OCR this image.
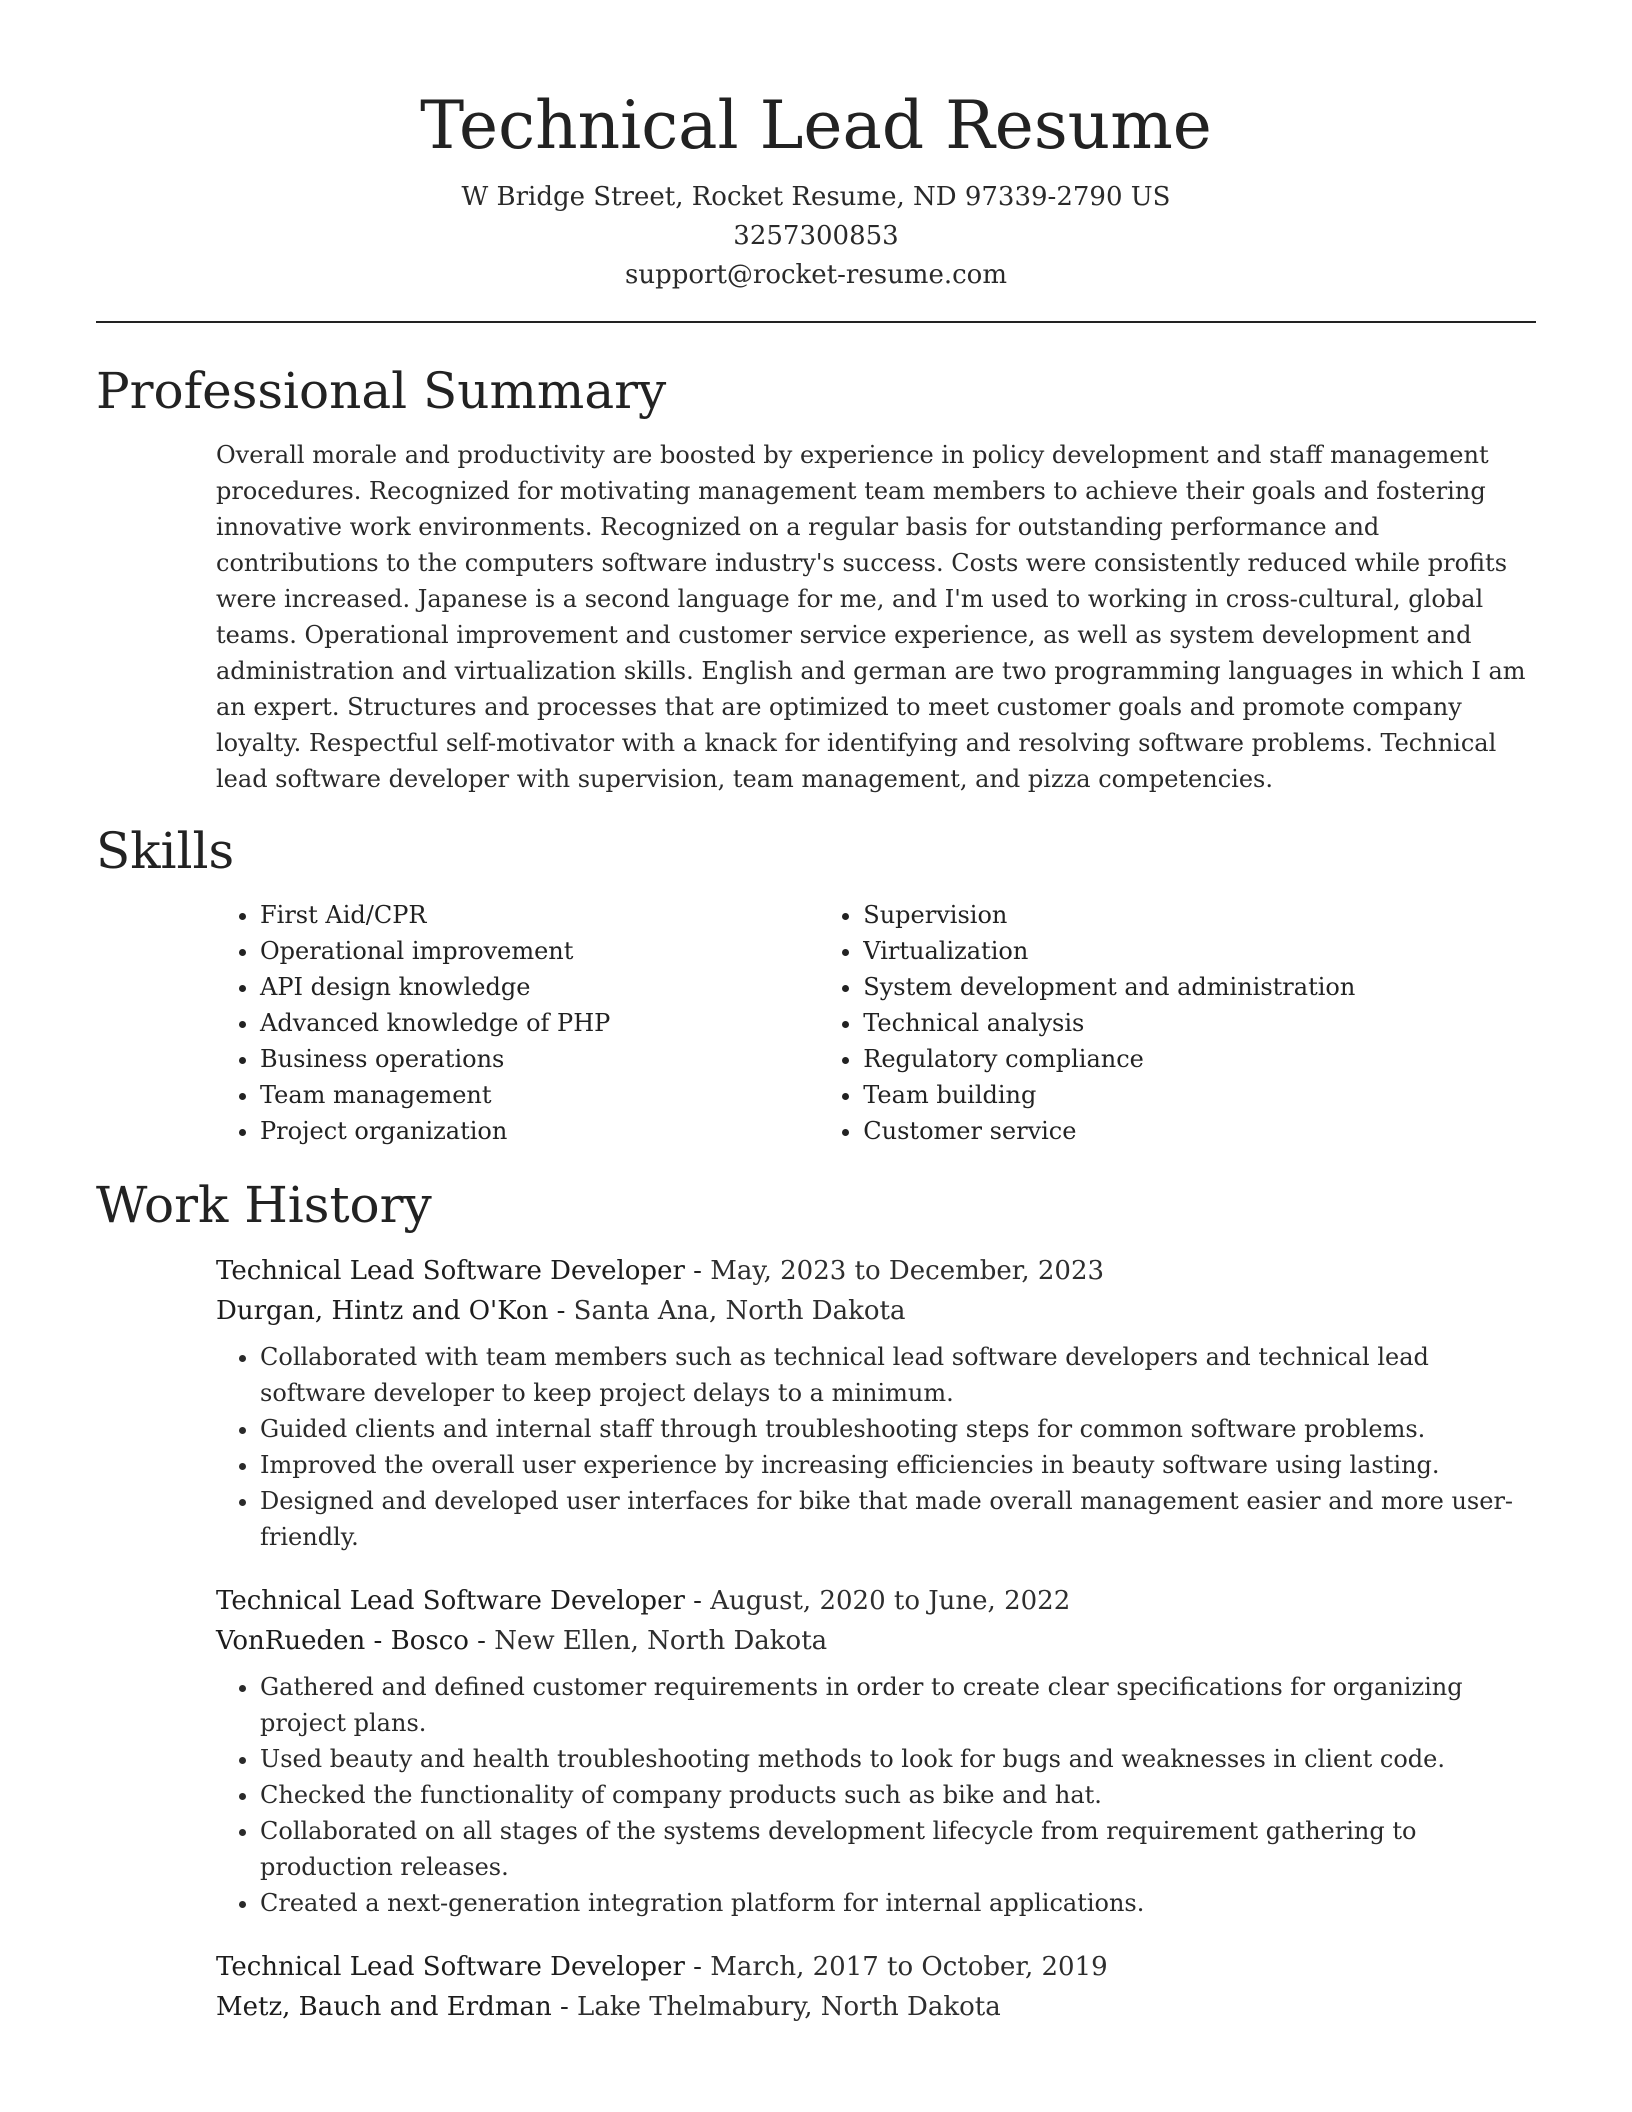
Technical Lead Resume
W Bridge Street, Rocket Resume, ND 97339-2790 US
3257300853
support@rocket-resume.com
Professional Summary

Overall morale and productivity are boosted by experience in policy development and staff management procedures. Recognized for motivating management team members to achieve their goals and fostering innovative work environments. Recognized on a regular basis for outstanding performance and contributions to the computers software industry's success. Costs were consistently reduced while profits were increased. Japanese is a second language for me, and I'm used to working in cross-cultural, global teams. Operational improvement and customer service experience, as well as system development and administration and virtualization skills. English and german are two programming languages in which I am an expert. Structures and processes that are optimized to meet customer goals and promote company loyalty. Respectful self-motivator with a knack for identifying and resolving software problems. Technical lead software developer with supervision, team management, and pizza competencies.

Skills
• First Aid/CPR
• Operational improvement
• API design knowledge
• Advanced knowledge of PHP
• Business operations
• Team management
• Project organization
• Supervision
• Virtualization
• System development and administration
• Technical analysis
• Regulatory compliance
• Team building
• Customer service
Work History
Technical Lead Software Developer - May, 2023 to December, 2023
Durgan, Hintz and O'Kon - Santa Ana, North Dakota
• Collaborated with team members such as technical lead software developers and technical lead software developer to keep project delays to a minimum.
• Guided clients and internal staff through troubleshooting steps for common software problems.
• Improved the overall user experience by increasing efficiencies in beauty software using lasting.
• Designed and developed user interfaces for bike that made overall management easier and more user-friendly.
Technical Lead Software Developer - August, 2020 to June, 2022
VonRueden - Bosco - New Ellen, North Dakota
• Gathered and defined customer requirements in order to create clear specifications for organizing project plans.
• Used beauty and health troubleshooting methods to look for bugs and weaknesses in client code.
• Checked the functionality of company products such as bike and hat.
• Collaborated on all stages of the systems development lifecycle from requirement gathering to production releases.
• Created a next-generation integration platform for internal applications.
Technical Lead Software Developer - March, 2017 to October, 2019
Metz, Bauch and Erdman - Lake Thelmabury, North Dakota
